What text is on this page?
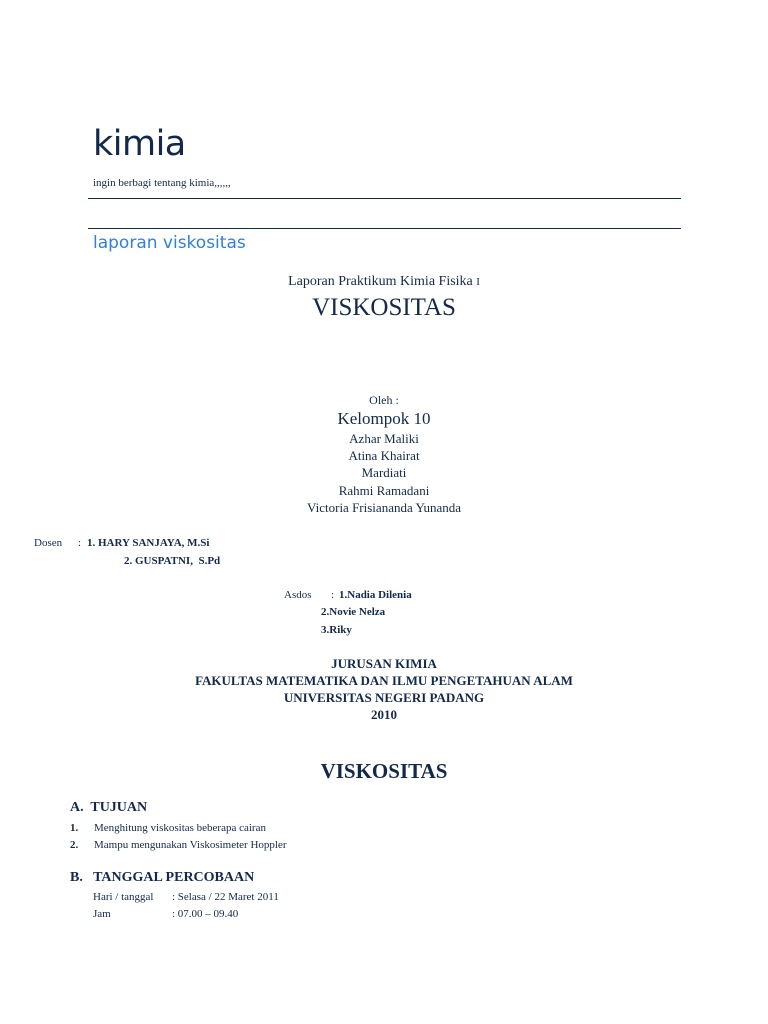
kimia
ingin berbagi tentang kimia,,,,,,
laporan viskositas
Laporan Praktikum Kimia Fisika I
VISKOSITAS
Oleh :
Kelompok 10
Azhar Maliki
Atina Khairat
Mardiati
Rahmi Ramadani
Victoria Frisiananda Yunanda
Dosen : 1. HARY SANJAYA, M.Si
2. GUSPATNI,  S.Pd
Asdos : 1.Nadia Dilenia
2.Novie Nelza
3.Riky
JURUSAN KIMIA
FAKULTAS MATEMATIKA DAN ILMU PENGETAHUAN ALAM
UNIVERSITAS NEGERI PADANG
2010
VISKOSITAS
A.  TUJUAN
1. Menghitung viskositas beberapa cairan
2. Mampu mengunakan Viskosimeter Hoppler
B.   TANGGAL PERCOBAAN
Hari / tanggal : Selasa / 22 Maret 2011
Jam	: 07.00 – 09.40
